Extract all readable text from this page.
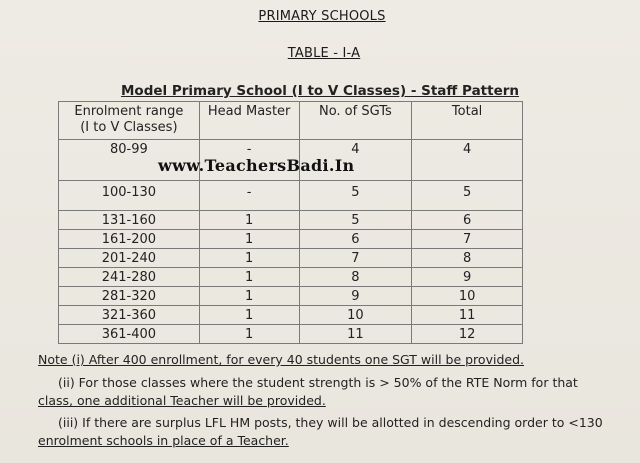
PRIMARY SCHOOLS
TABLE - I-A
Model Primary School (I to V Classes) - Staff Pattern
Enrolment range
(I to V Classes)	Head Master	No. of SGTs	Total
80-99	-	4	4
100-130	-	5	5
131-160	1	5	6
161-200	1	6	7
201-240	1	7	8
241-280	1	8	9
281-320	1	9	10
321-360	1	10	11
361-400	1	11	12
www.TeachersBadi.In
Note (i) After 400 enrollment, for every 40 students one SGT will be provided.
(ii) For those classes where the student strength is > 50% of the RTE Norm for that
class, one additional Teacher will be provided.
(iii) If there are surplus LFL HM posts, they will be allotted in descending order to <130
enrolment schools in place of a Teacher.
